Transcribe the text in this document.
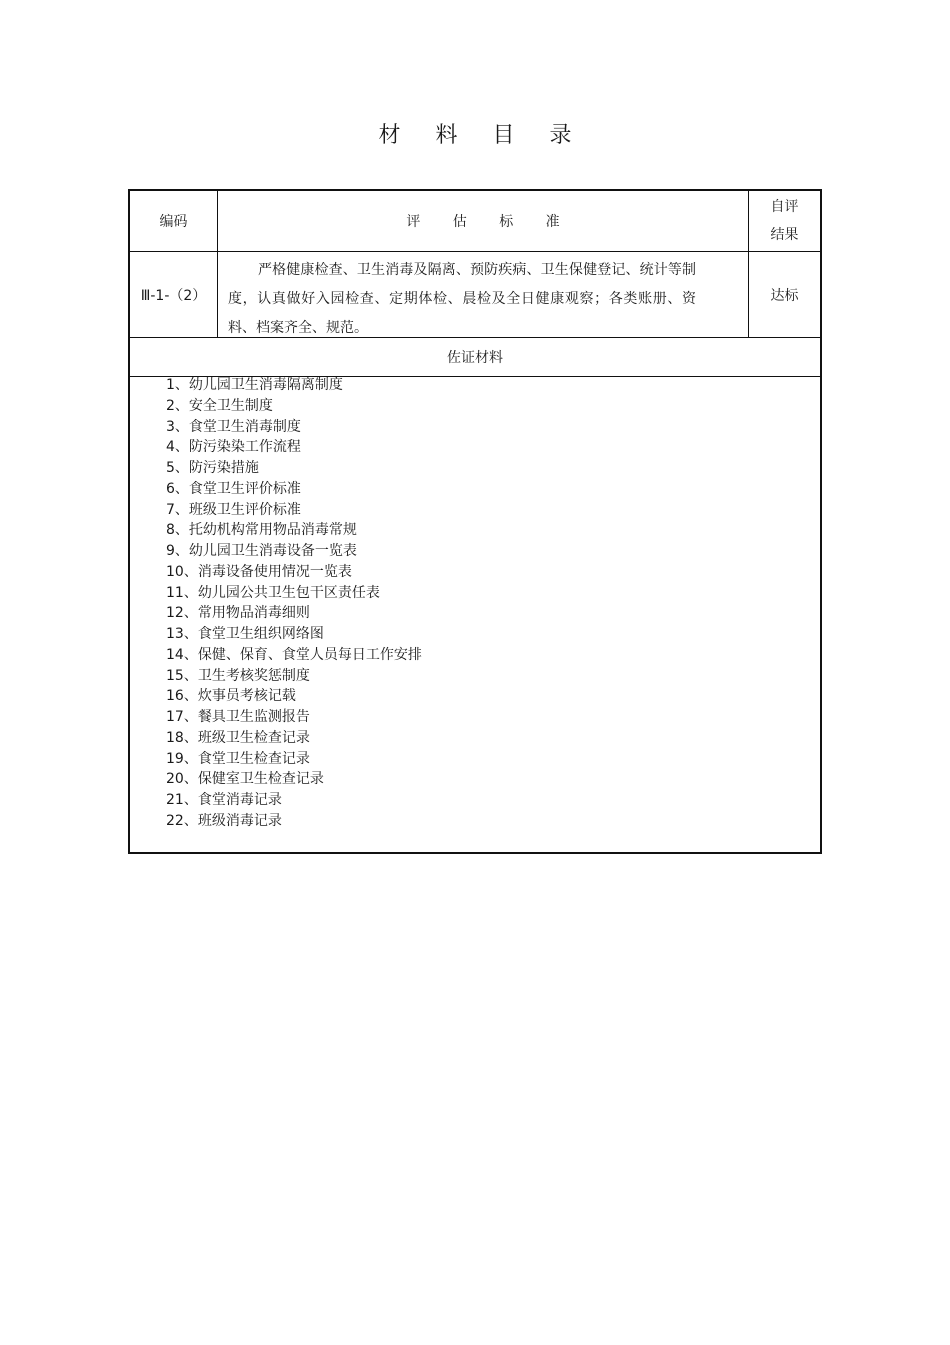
材 料 目 录
编码	评 估 标 准
自评
结果
Ⅲ-1-（2）
严格健康检查、卫生消毒及隔离、预防疾病、卫生保健登记、统计等制度，认真做好入园检查、定期体检、晨检及全日健康观察；各类账册、资料、档案齐全、规范。
达标
佐证材料
1、幼儿园卫生消毒隔离制度
2、安全卫生制度
3、食堂卫生消毒制度
4、防污染染工作流程
5、防污染措施
6、食堂卫生评价标准
7、班级卫生评价标准
8、托幼机构常用物品消毒常规
9、幼儿园卫生消毒设备一览表
10、消毒设备使用情况一览表
11、幼儿园公共卫生包干区责任表
12、常用物品消毒细则
13、食堂卫生组织网络图
14、保健、保育、食堂人员每日工作安排
15、卫生考核奖惩制度
16、炊事员考核记载
17、餐具卫生监测报告
18、班级卫生检查记录
19、食堂卫生检查记录
20、保健室卫生检查记录
21、食堂消毒记录
22、班级消毒记录
